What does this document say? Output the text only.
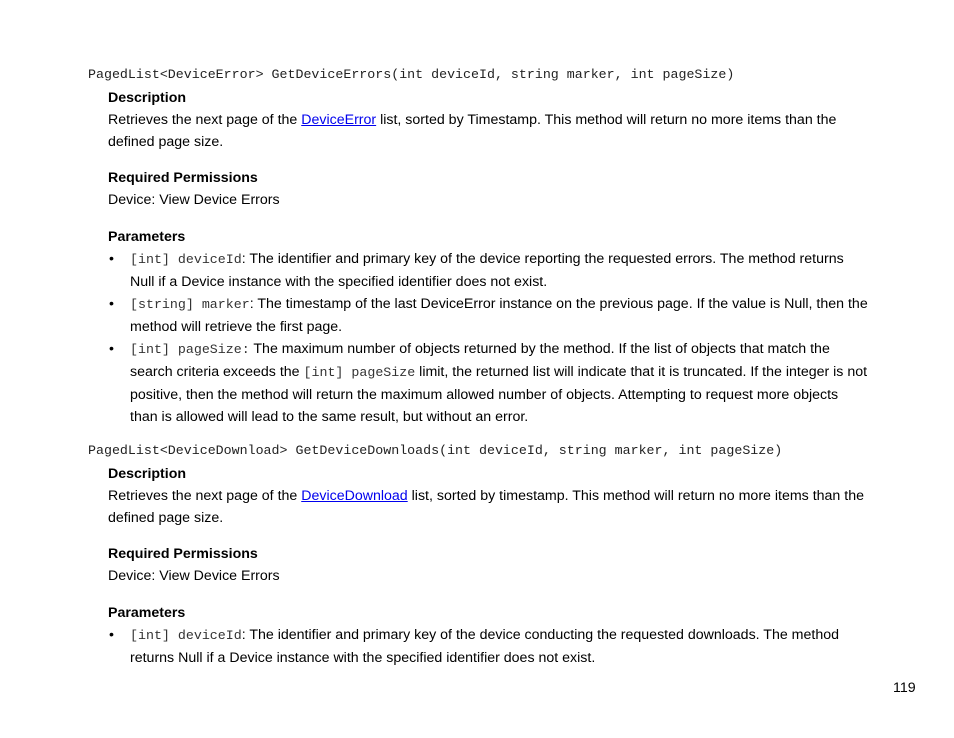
PagedList<DeviceError> GetDeviceErrors(int deviceId, string marker, int pageSize)
Description

Retrieves the next page of the DeviceError list, sorted by Timestamp. This method will return no more items than the defined page size.

Required Permissions
Device: View Device Errors
Parameters
• [int] deviceId: The identifier and primary key of the device reporting the requested errors. The method returns Null if a Device instance with the specified identifier does not exist.
• [string] marker: The timestamp of the last DeviceError instance on the previous page. If the value is Null, then the method will retrieve the first page.
• [int] pageSize: The maximum number of objects returned by the method. If the list of objects that match the search criteria exceeds the [int] pageSize limit, the returned list will indicate that it is truncated. If the integer is not positive, then the method will return the maximum allowed number of objects. Attempting to request more objects than is allowed will lead to the same result, but without an error.
PagedList<DeviceDownload> GetDeviceDownloads(int deviceId, string marker, int pageSize)
Description

Retrieves the next page of the DeviceDownload list, sorted by timestamp. This method will return no more items than the defined page size.

Required Permissions
Device: View Device Errors
Parameters
• [int] deviceId: The identifier and primary key of the device conducting the requested downloads. The method returns Null if a Device instance with the specified identifier does not exist.
119
